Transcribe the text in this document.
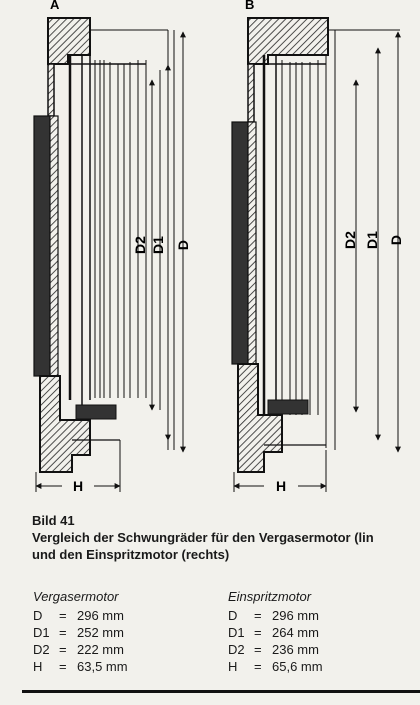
A
D2 D1 D
H
B
D2 D1 D
H
Bild 41
Vergleich der Schwungräder für den Vergasermotor (lin
und den Einspritzmotor (rechts)
Vergasermotor
D	= 296 mm
D1 = 252 mm
D2 = 222 mm
H	= 63,5 mm
Einspritzmotor
D	= 296 mm
D1 = 264 mm
D2 = 236 mm
H	= 65,6 mm
